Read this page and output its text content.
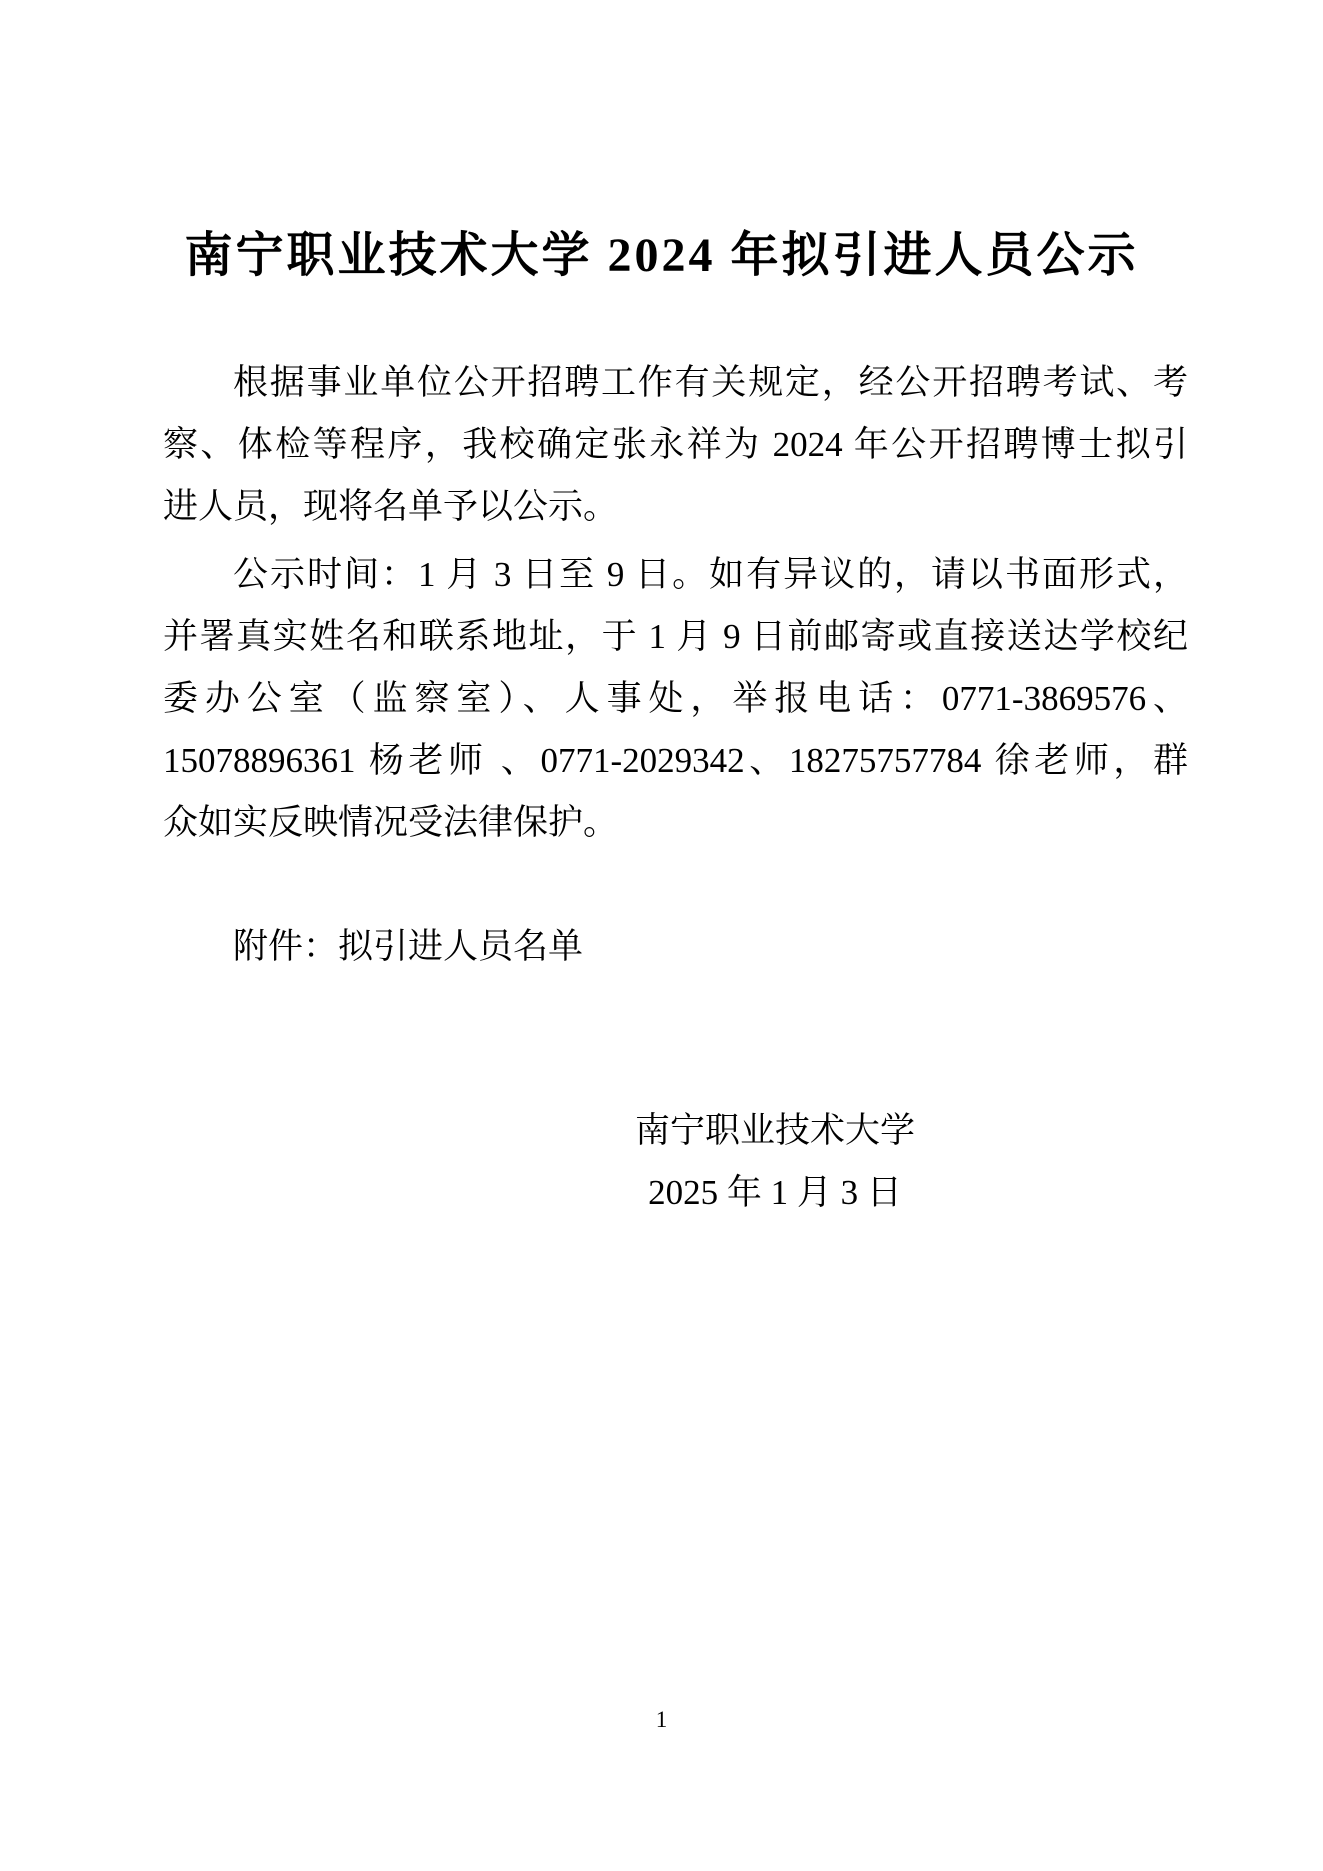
南宁职业技术大学 2024 年拟引进人员公示
根据事业单位公开招聘工作有关规定，经公开招聘考试、考
察、体检等程序，我校确定张永祥为 2024 年公开招聘博士拟引
进人员，现将名单予以公示。
公示时间：1 月 3 日至 9 日。如有异议的，请以书面形式，
并署真实姓名和联系地址，于 1 月 9 日前邮寄或直接送达学校纪
委办公室（监察室）、人事处，举报电话：0771-3869576、
15078896361 杨老师 、0771-2029342、18275757784 徐老师，群
众如实反映情况受法律保护。
附件：拟引进人员名单
南宁职业技术大学
2025 年 1 月 3 日
1
